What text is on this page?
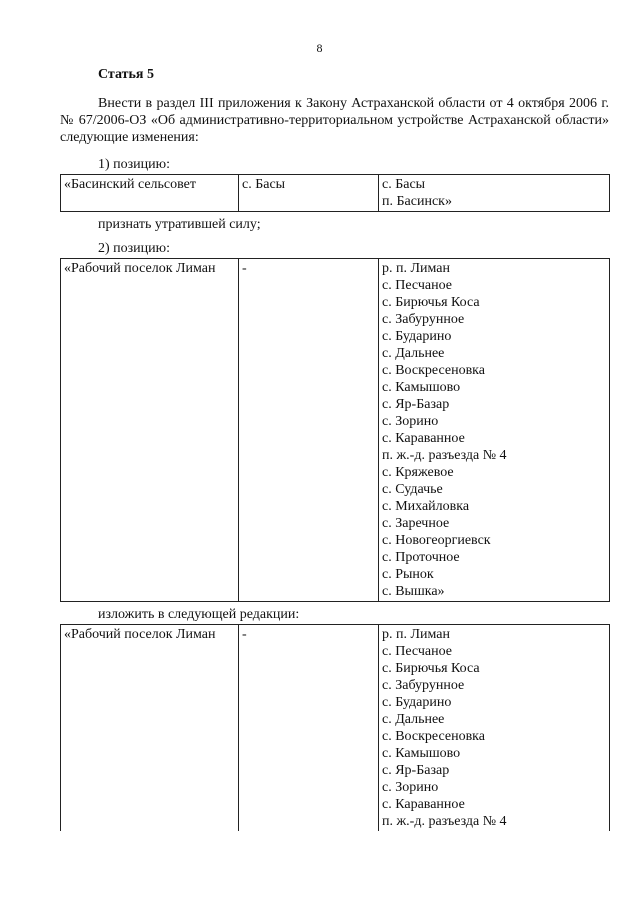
8
Статья 5

Внести в раздел III приложения к Закону Астраханской области от 4 октября 2006 г. № 67/2006-ОЗ «Об административно-территориальном устройстве Астраханской области» следующие изменения:

1) позицию:
«Басинский сельсовет	с. Басы	с. Басы
п. Басинск»
признать утратившей силу;
2) позицию:
«Рабочий поселок Лиман	-	р. п. Лиман
с. Песчаное
с. Бирючья Коса
с. Забурунное
с. Бударино
с. Дальнее
с. Воскресеновка
с. Камышово
с. Яр-Базар
с. Зорино
с. Караванное
п. ж.-д. разъезда № 4
с. Кряжевое
с. Судачье
с. Михайловка
с. Заречное
с. Новогеоргиевск
с. Проточное
с. Рынок
с. Вышка»
изложить в следующей редакции:
«Рабочий поселок Лиман	-	р. п. Лиман
с. Песчаное
с. Бирючья Коса
с. Забурунное
с. Бударино
с. Дальнее
с. Воскресеновка
с. Камышово
с. Яр-Базар
с. Зорино
с. Караванное
п. ж.-д. разъезда № 4
